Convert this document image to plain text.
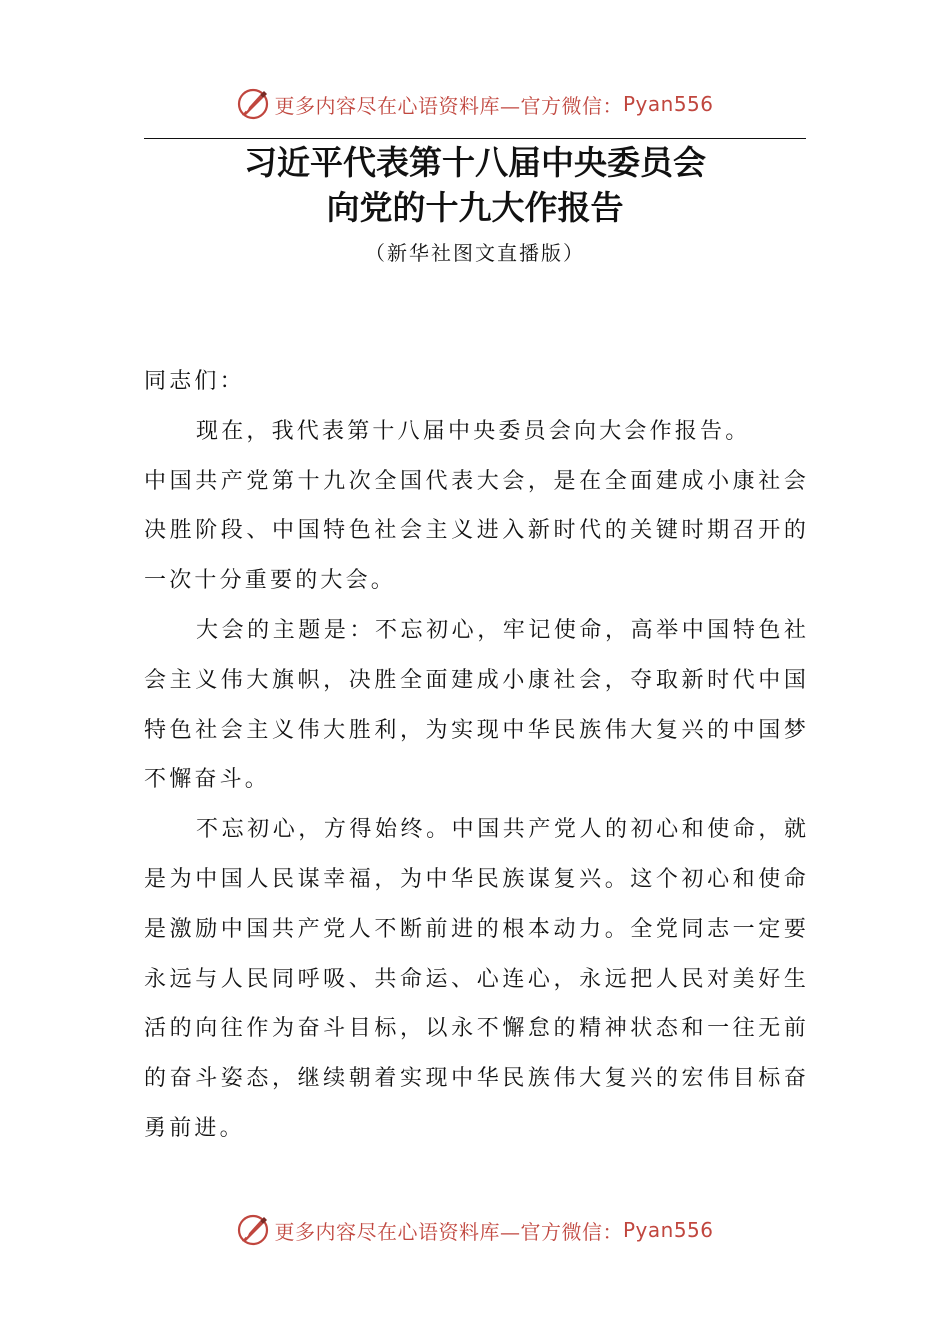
更多内容尽在心语资料库—官方微信： Pyan556
习近平代表第十八届中央委员会
向党的十九大作报告
（新华社图文直播版）
同志们：
现在，我代表第十八届中央委员会向大会作报告。
中 国 共 产 党 第 十 九 次 全 国 代 表 大 会 ， 是 在 全 面 建 成 小 康 社 会
决 胜 阶 段 、 中 国 特 色 社 会 主 义 进 入 新 时 代 的 关 键 时 期 召 开 的
一次十分重要的大会。
大 会 的 主 题 是 ： 不 忘 初 心 ， 牢 记 使 命 ， 高 举 中 国 特 色 社
会 主 义 伟 大 旗 帜 ， 决 胜 全 面 建 成 小 康 社 会 ， 夺 取 新 时 代 中 国
特 色 社 会 主 义 伟 大 胜 利 ， 为 实 现 中 华 民 族 伟 大 复 兴 的 中 国 梦
不懈奋斗。
不 忘 初 心 ， 方 得 始 终 。 中 国 共 产 党 人 的 初 心 和 使 命 ， 就
是 为 中 国 人 民 谋 幸 福 ， 为 中 华 民 族 谋 复 兴 。 这 个 初 心 和 使 命
是 激 励 中 国 共 产 党 人 不 断 前 进 的 根 本 动 力 。 全 党 同 志 一 定 要
永 远 与 人 民 同 呼 吸 、 共 命 运 、 心 连 心 ， 永 远 把 人 民 对 美 好 生
活 的 向 往 作 为 奋 斗 目 标 ， 以 永 不 懈 怠 的 精 神 状 态 和 一 往 无 前
的 奋 斗 姿 态 ， 继 续 朝 着 实 现 中 华 民 族 伟 大 复 兴 的 宏 伟 目 标 奋
勇前进。
更多内容尽在心语资料库—官方微信： Pyan556
